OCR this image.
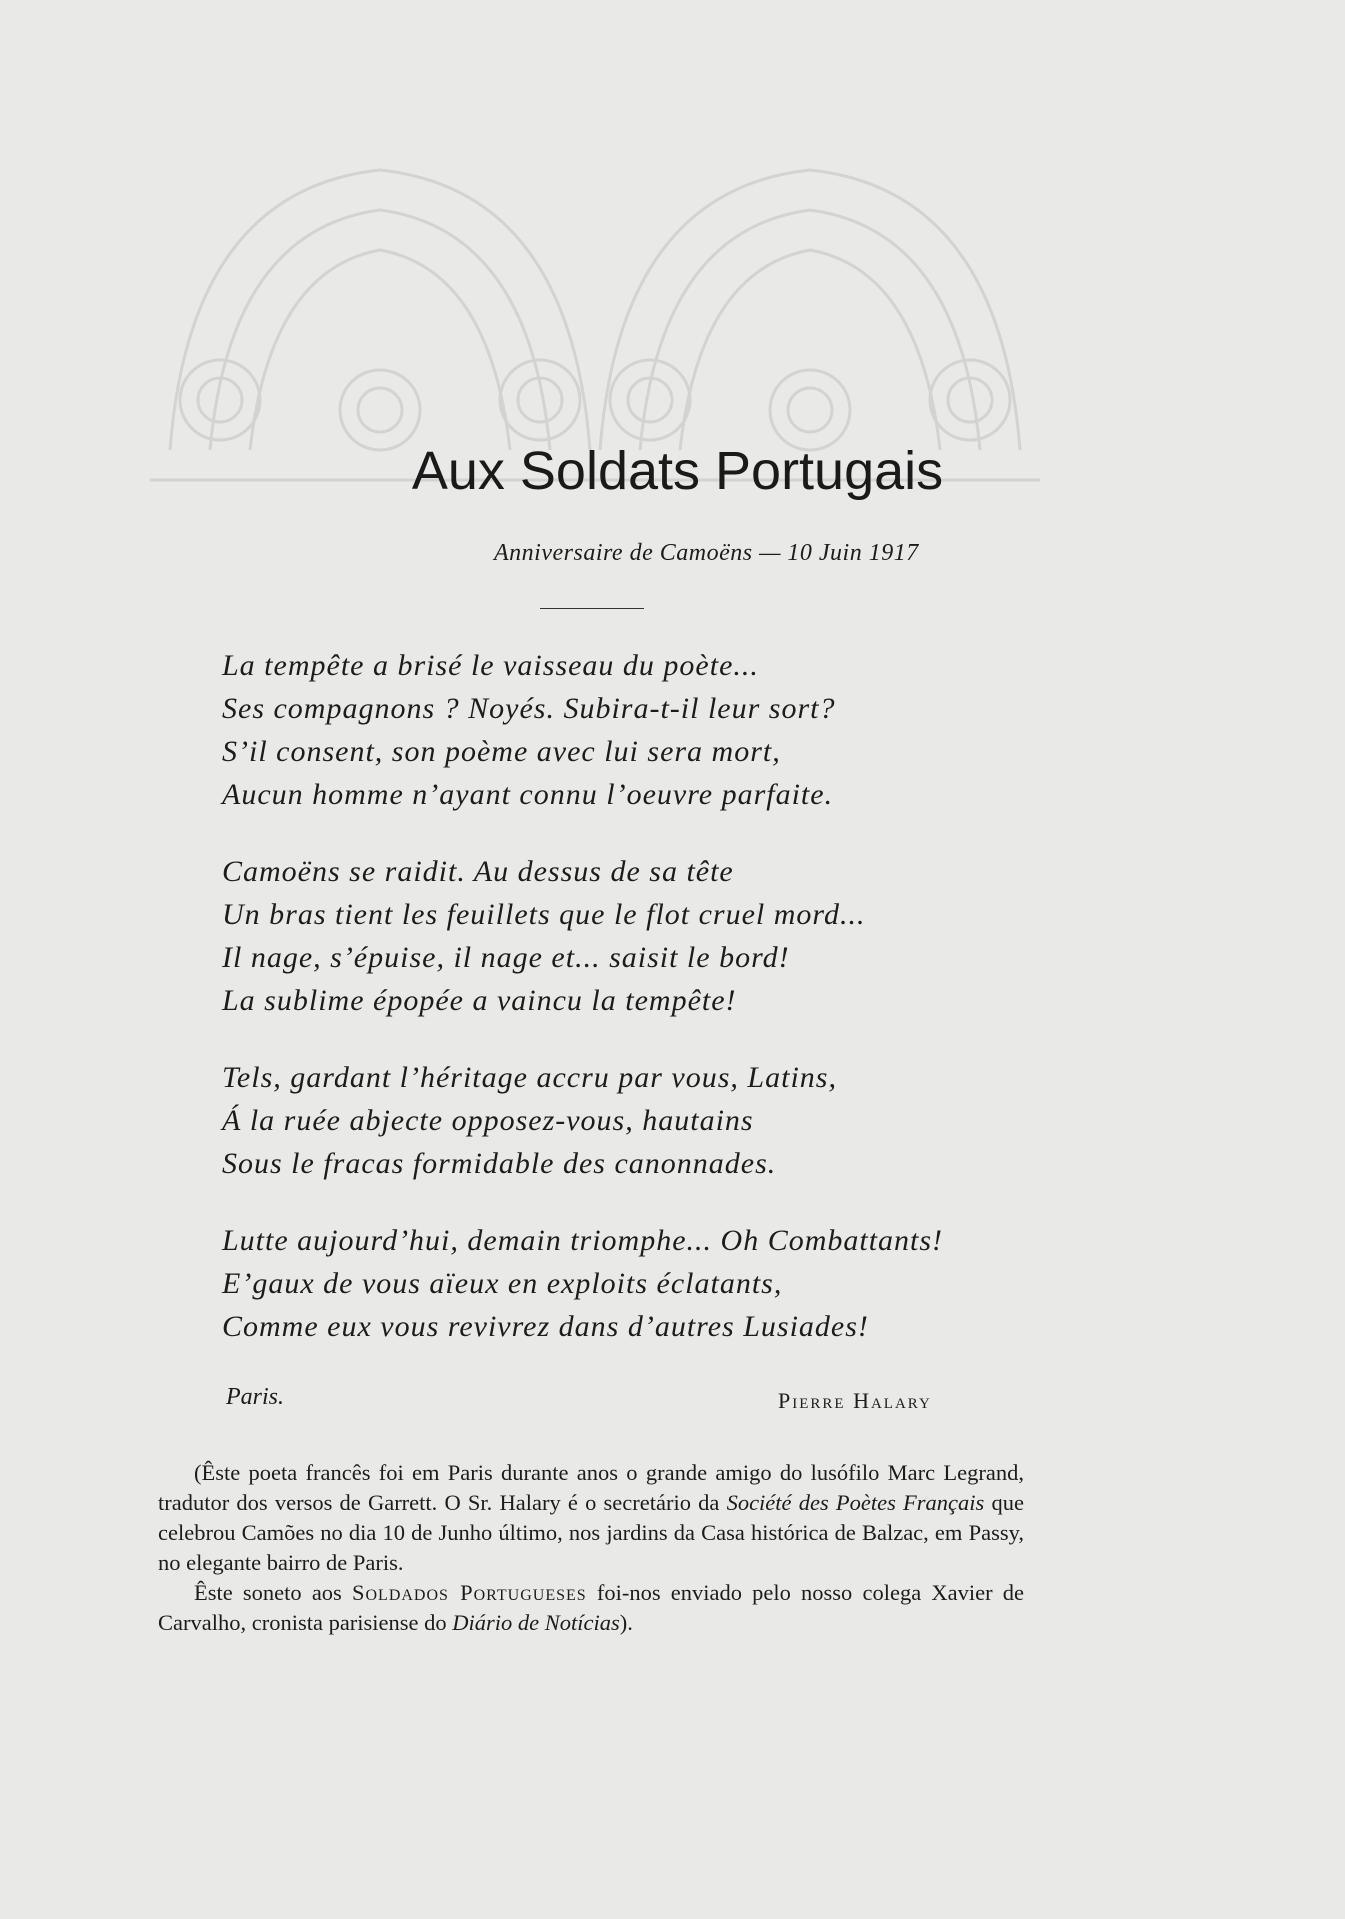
Aux Soldats Portugais
Anniversaire de Camoëns — 10 Juin 1917
La tempête a brisé le vaisseau du poète...
Ses compagnons ? Noyés. Subira-t-il leur sort?
S’il consent, son poème avec lui sera mort,
Aucun homme n’ayant connu l’oeuvre parfaite.
Camoëns se raidit. Au dessus de sa tête
Un bras tient les feuillets que le flot cruel mord...
Il nage, s’épuise, il nage et... saisit le bord!
La sublime épopée a vaincu la tempête!
Tels, gardant l’héritage accru par vous, Latins,
Á la ruée abjecte opposez-vous, hautains
Sous le fracas formidable des canonnades.
Lutte aujourd’hui, demain triomphe... Oh Combattants!
E’gaux de vous aïeux en exploits éclatants,
Comme eux vous revivrez dans d’autres Lusiades!
Paris.	Pierre Halary

(Êste poeta francês foi em Paris durante anos o grande amigo do lusófilo Marc Legrand, tradutor dos versos de Garrett. O Sr. Halary é o secretário da Société des Poètes Français que celebrou Camões no dia 10 de Junho último, nos jardins da Casa histórica de Balzac, em Passy, no elegante bairro de Paris.

Êste soneto aos Soldados Portugueses foi-nos enviado pelo nosso colega Xavier de Carvalho, cronista parisiense do Diário de Notícias).
